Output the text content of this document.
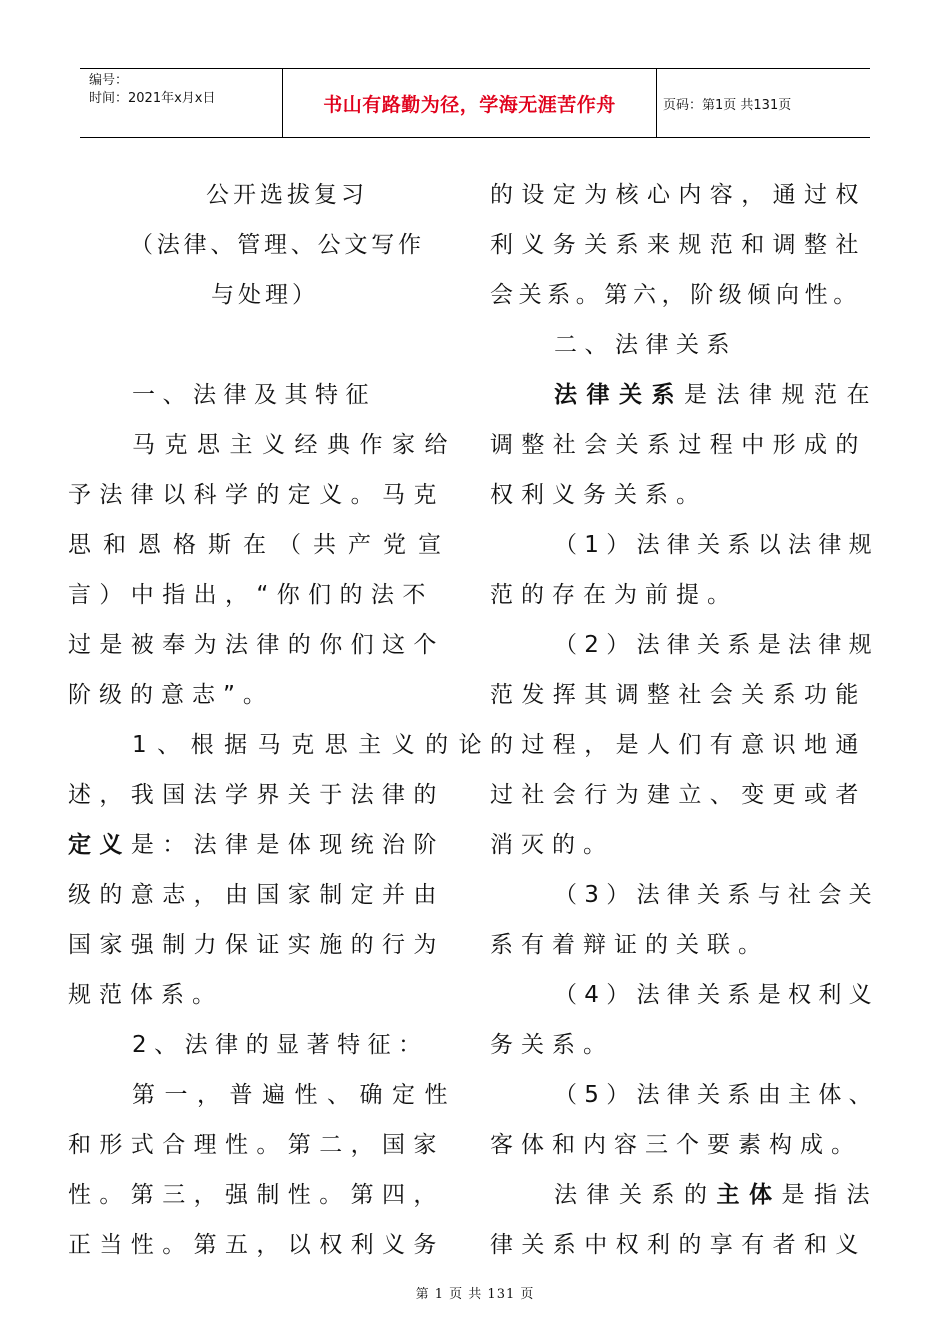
编号：
时间：2021年x月x日	书山有路勤为径，学海无涯苦作舟	页码：第1页 共131页
公开选拔复习
（法律、管理、公文写作
与处理）
一、法律及其特征
马克思主义经典作家给
予法律以科学的定义。马克
思和恩格斯在（共产党宣
言）中指出，“你们的法不
过是被奉为法律的你们这个
阶级的意志”。
1、根据马克思主义的论
述，我国法学界关于法律的
定义是：法律是体现统治阶
级的意志，由国家制定并由
国家强制力保证实施的行为
规范体系。
2、法律的显著特征：
第一，普遍性、确定性
和形式合理性。第二，国家
性。第三，强制性。第四，
正当性。第五，以权利义务
的设定为核心内容，通过权
利义务关系来规范和调整社
会关系。第六，阶级倾向性。
二、法律关系
法律关系是法律规范在
调整社会关系过程中形成的
权利义务关系。
（1）法律关系以法律规
范的存在为前提。
（2）法律关系是法律规
范发挥其调整社会关系功能
的过程，是人们有意识地通
过社会行为建立、变更或者
消灭的。
（3）法律关系与社会关
系有着辩证的关联。
（4）法律关系是权利义
务关系。
（5）法律关系由主体、
客体和内容三个要素构成。
法律关系的主体是指法
律关系中权利的享有者和义
第 1 页 共 131 页
